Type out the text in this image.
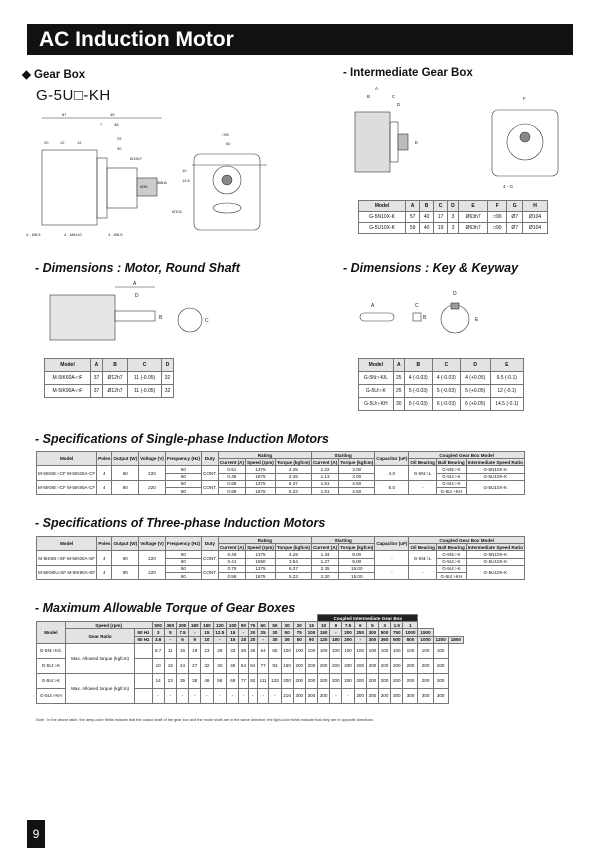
AC Induction Motor
◆ Gear Box
G-5U□-KH
87	45
7	38
20	12	12
29
30
Ø15h7
Ø36
Ø8h6
4 - Ø8.5	4 - M6x10	4 - Ø8.5
□90
60
10
14.5
Ø104
- Intermediate Gear Box
A
B	C
D
E
F
4 - G
Model	A	B	C	D	E	F	G	H
G-5N10X-K	57	40	17	3	Ø63h7	□90	Ø7	Ø104
G-5U10X-K	59	40	19	3	Ø63h7	□90	Ø7	Ø104
- Dimensions : Motor, Round Shaft
A
B
D
C
Model	A	B	C	D
M-5IK60A-□F	37	Ø12h7	11 (-0.05)	32
M-5IK90A-□F	37	Ø12h7	11 (-0.05)	32
- Dimensions : Key & Keyway
A	C
B
D
E
Model	A	B	C	D	E
G-5N□-K/L	25	4 (-0.03)	4 (-0.03)	4 (+0.05)	9.5 (-0.1)
G-5U□-K	25	5 (-0.03)	5 (-0.03)	5 (+0.05)	12 (-0.1)
G-5U□-KH	30	6 (-0.03)	6 (-0.03)	6 (+0.05)	14.5 (-0.1)
- Specifications of Single-phase Induction Motors
Model	Poles	Output (W)	Voltage (V)	Frequency (Hz)	Duty	Rating			Starting		Capacitor (uF)	Coupled Gear Box Model		
						Current (A)	Speed (rpm)	Torque (kgfcm)	Current (A)	Torque (kgfcm)		Oil Bearing	Ball Bearing	Intermediate Speed Ratio
M-5IK60□-CF M-5IK60A-CF	4	60	220	50	CONT.	0.51	1375	4.25	1.22	3.00	4.0	G-5N□-L	G-5N□-K	G-5N10X-K
				60		0.49	1675	3.49	1.13	3.00			G-5U□-K	G-5U10X-K
M-5IK90□-CF M-5IK90A-CF	4	90	220	50	CONT.	0.68	1375	6.37	1.91	4.50	5.0	-	G-5U□-K	G-5U10X-K
				60		0.69	1675	5.23	1.81	4.50			G-5U□-KH	
- Specifications of Three-phase Induction Motors
Model	Poles	Output (W)	Voltage (V)	Frequency (Hz)	Duty	Rating			Starting		Capacitor (uF)	Coupled Gear Box Model		
						Current (A)	Speed (rpm)	Torque (kgfcm)	Current (A)	Torque (kgfcm)		Oil Bearing	Ball Bearing	Intermediate Speed Ratio
M-5IK60□-SF M-5IK60A-SF	4	60	220	50	CONT.	0.49	1375	4.25	1.34	9.00	-	G-5N□-L	G-5N□-K	G-5N10X-K
				60		0.41	1650	3.54	1.27	9.00			G-5U□-K	G-5U10X-K
M-5IK90U-SF M-5IK90A-SF	4	90	220	50	CONT.	0.79	1375	6.37	2.35	15.00	-	-	G-5U□-K	G-5U10X-K
				60		0.58	1675	5.23	2.20	15.00			G-5U□-KH	
- Maximum Allowable Torque of Gear Boxes
																	Coupled Intermediate Gear Box										
Model	Speed (rpm)		500	360	200	180	150	120	100	90	75	60	50	30	20	15	10	9	7.5	6	5	3	1.5	1			
	Gear Ratio	50 Hz	3	5	7.5	-	15	12.5	15	-	20	25	30	50	75	100	150	-	200	250	300	500	750	1000	1500		
		60 Hz	3.6	-	6	9	10	-	15	18	20	-	30	36	50	90	120	180	200	-	300	360	500	600	1000	1200	1800
G-5N□-K/L	Max. Allowed torque (kgfcm)		6.7	11	16	18	23	28	33	36	45	54	65	100	100	100	100	100	100	100	100	100	100	100	100	100	
G-5U□-K			10	16	24	27	32	40	48	54	64	77	93	150	200	200	200	200	200	200	200	200	200	200	200	200	
G-5U□-K	Max. Allowed torque (kgfcm)		14	23	35	38	46	58	69	77	92	111	133	200	200	200	200	200	200	200	200	200	200	200	200	200	
G-5U□-KH			-	-	-	-	-	-	-	-	-	-	-	216	300	300	300	-	-	300	300	300	300	300	300	300	
Note : In the above table, the deep-color fields indicate that the output shaft of the gear box and the motor shaft are in the same direction; the light-color fields indicate that they are in opposite directions.
9
